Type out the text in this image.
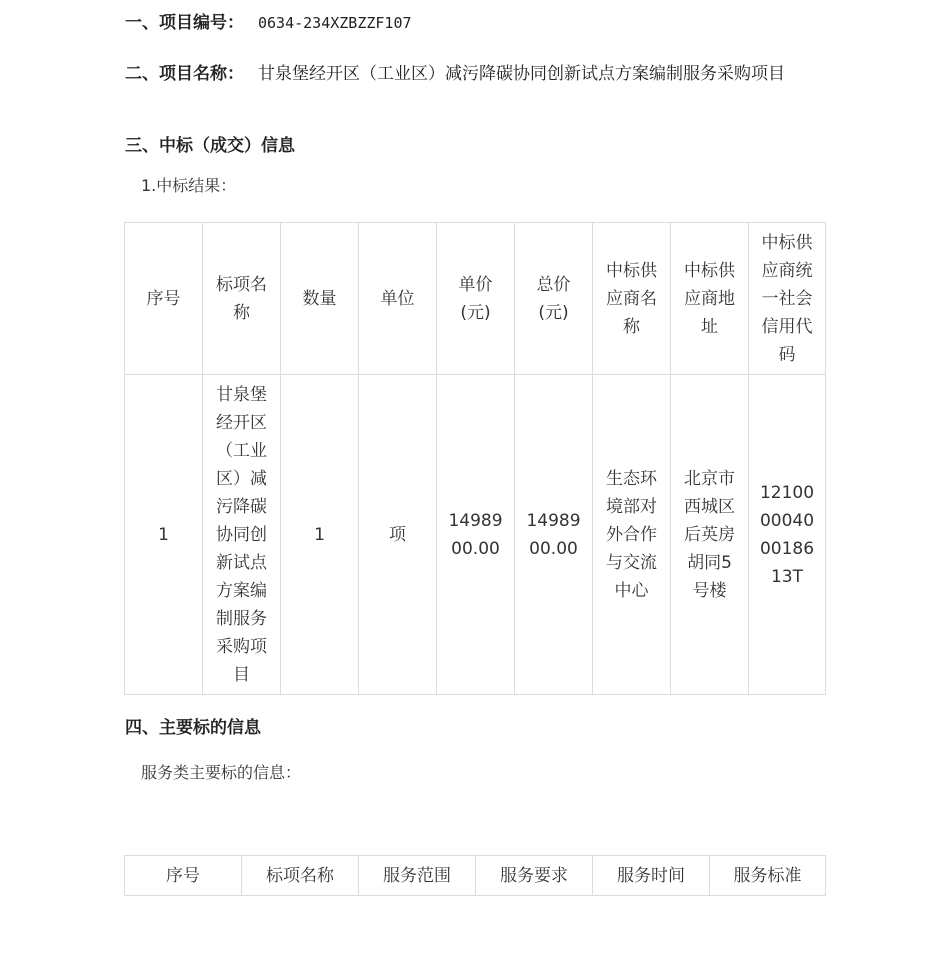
一、项目编号： 0634-234XZBZZF107
二、项目名称： 甘泉堡经开区（工业区）减污降碳协同创新试点方案编制服务采购项目
三、中标（成交）信息
1.中标结果：
序号	标项名称	数量	单位	单价(元)	总价(元)	中标供应商名称	中标供应商地址	中标供应商统一社会信用代码
1	甘泉堡经开区（工业区）减污降碳协同创新试点方案编制服务采购项目	1	项	1498900.00	1498900.00	生态环境部对外合作与交流中心	北京市西城区后英房胡同5号楼	12100000400018613T
四、主要标的信息
服务类主要标的信息：
序号	标项名称	服务范围	服务要求	服务时间	服务标准
